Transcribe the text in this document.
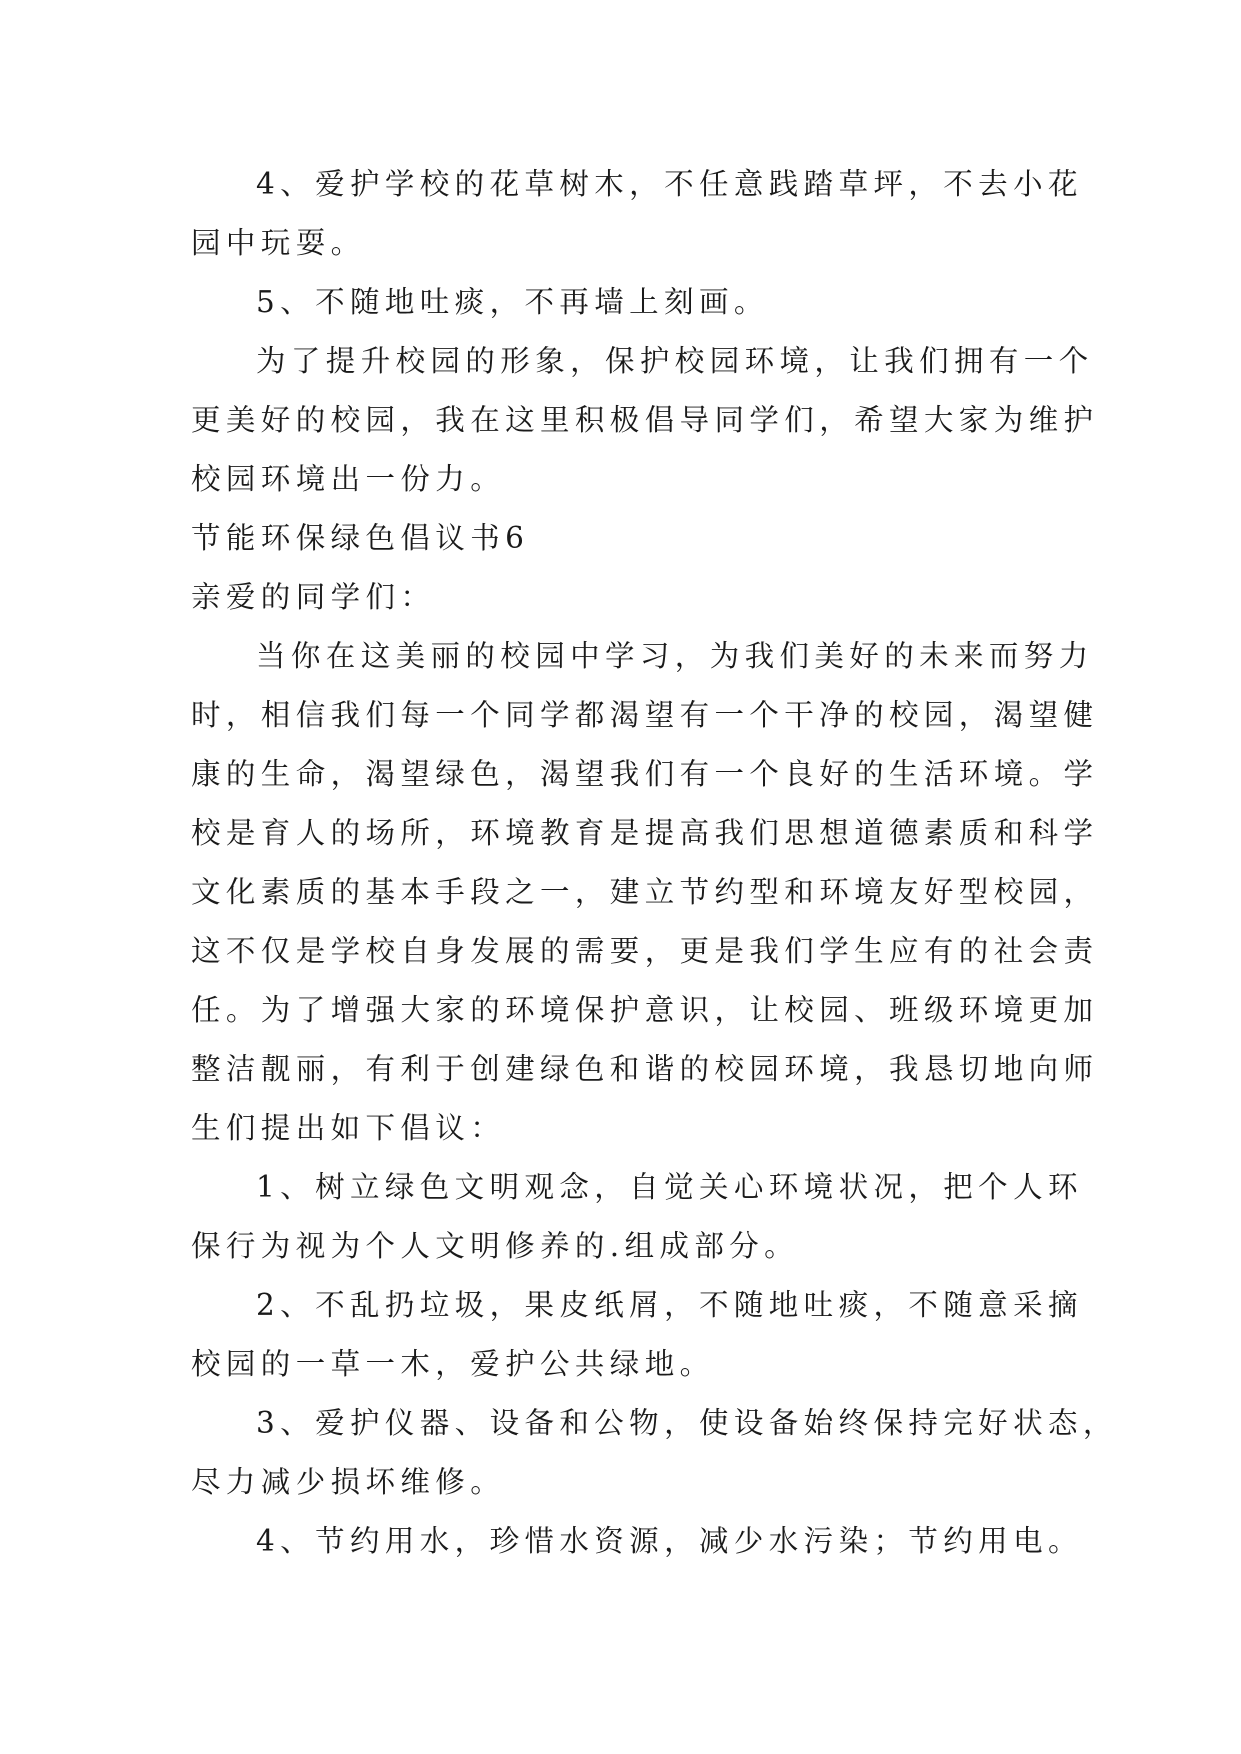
4、爱护学校的花草树木，不任意践踏草坪，不去小花
园中玩耍。
5、不随地吐痰，不再墙上刻画。
为了提升校园的形象，保护校园环境，让我们拥有一个
更美好的校园，我在这里积极倡导同学们，希望大家为维护
校园环境出一份力。
节能环保绿色倡议书6
亲爱的同学们：
当你在这美丽的校园中学习，为我们美好的未来而努力
时，相信我们每一个同学都渴望有一个干净的校园，渴望健
康的生命，渴望绿色，渴望我们有一个良好的生活环境。学
校是育人的场所，环境教育是提高我们思想道德素质和科学
文化素质的基本手段之一，建立节约型和环境友好型校园，
这不仅是学校自身发展的需要，更是我们学生应有的社会责
任。为了增强大家的环境保护意识，让校园、班级环境更加
整洁靓丽，有利于创建绿色和谐的校园环境，我恳切地向师
生们提出如下倡议：
1、树立绿色文明观念，自觉关心环境状况，把个人环
保行为视为个人文明修养的.组成部分。
2、不乱扔垃圾，果皮纸屑，不随地吐痰，不随意采摘
校园的一草一木，爱护公共绿地。
3、爱护仪器、设备和公物，使设备始终保持完好状态，
尽力减少损坏维修。
4、节约用水，珍惜水资源，减少水污染；节约用电。
